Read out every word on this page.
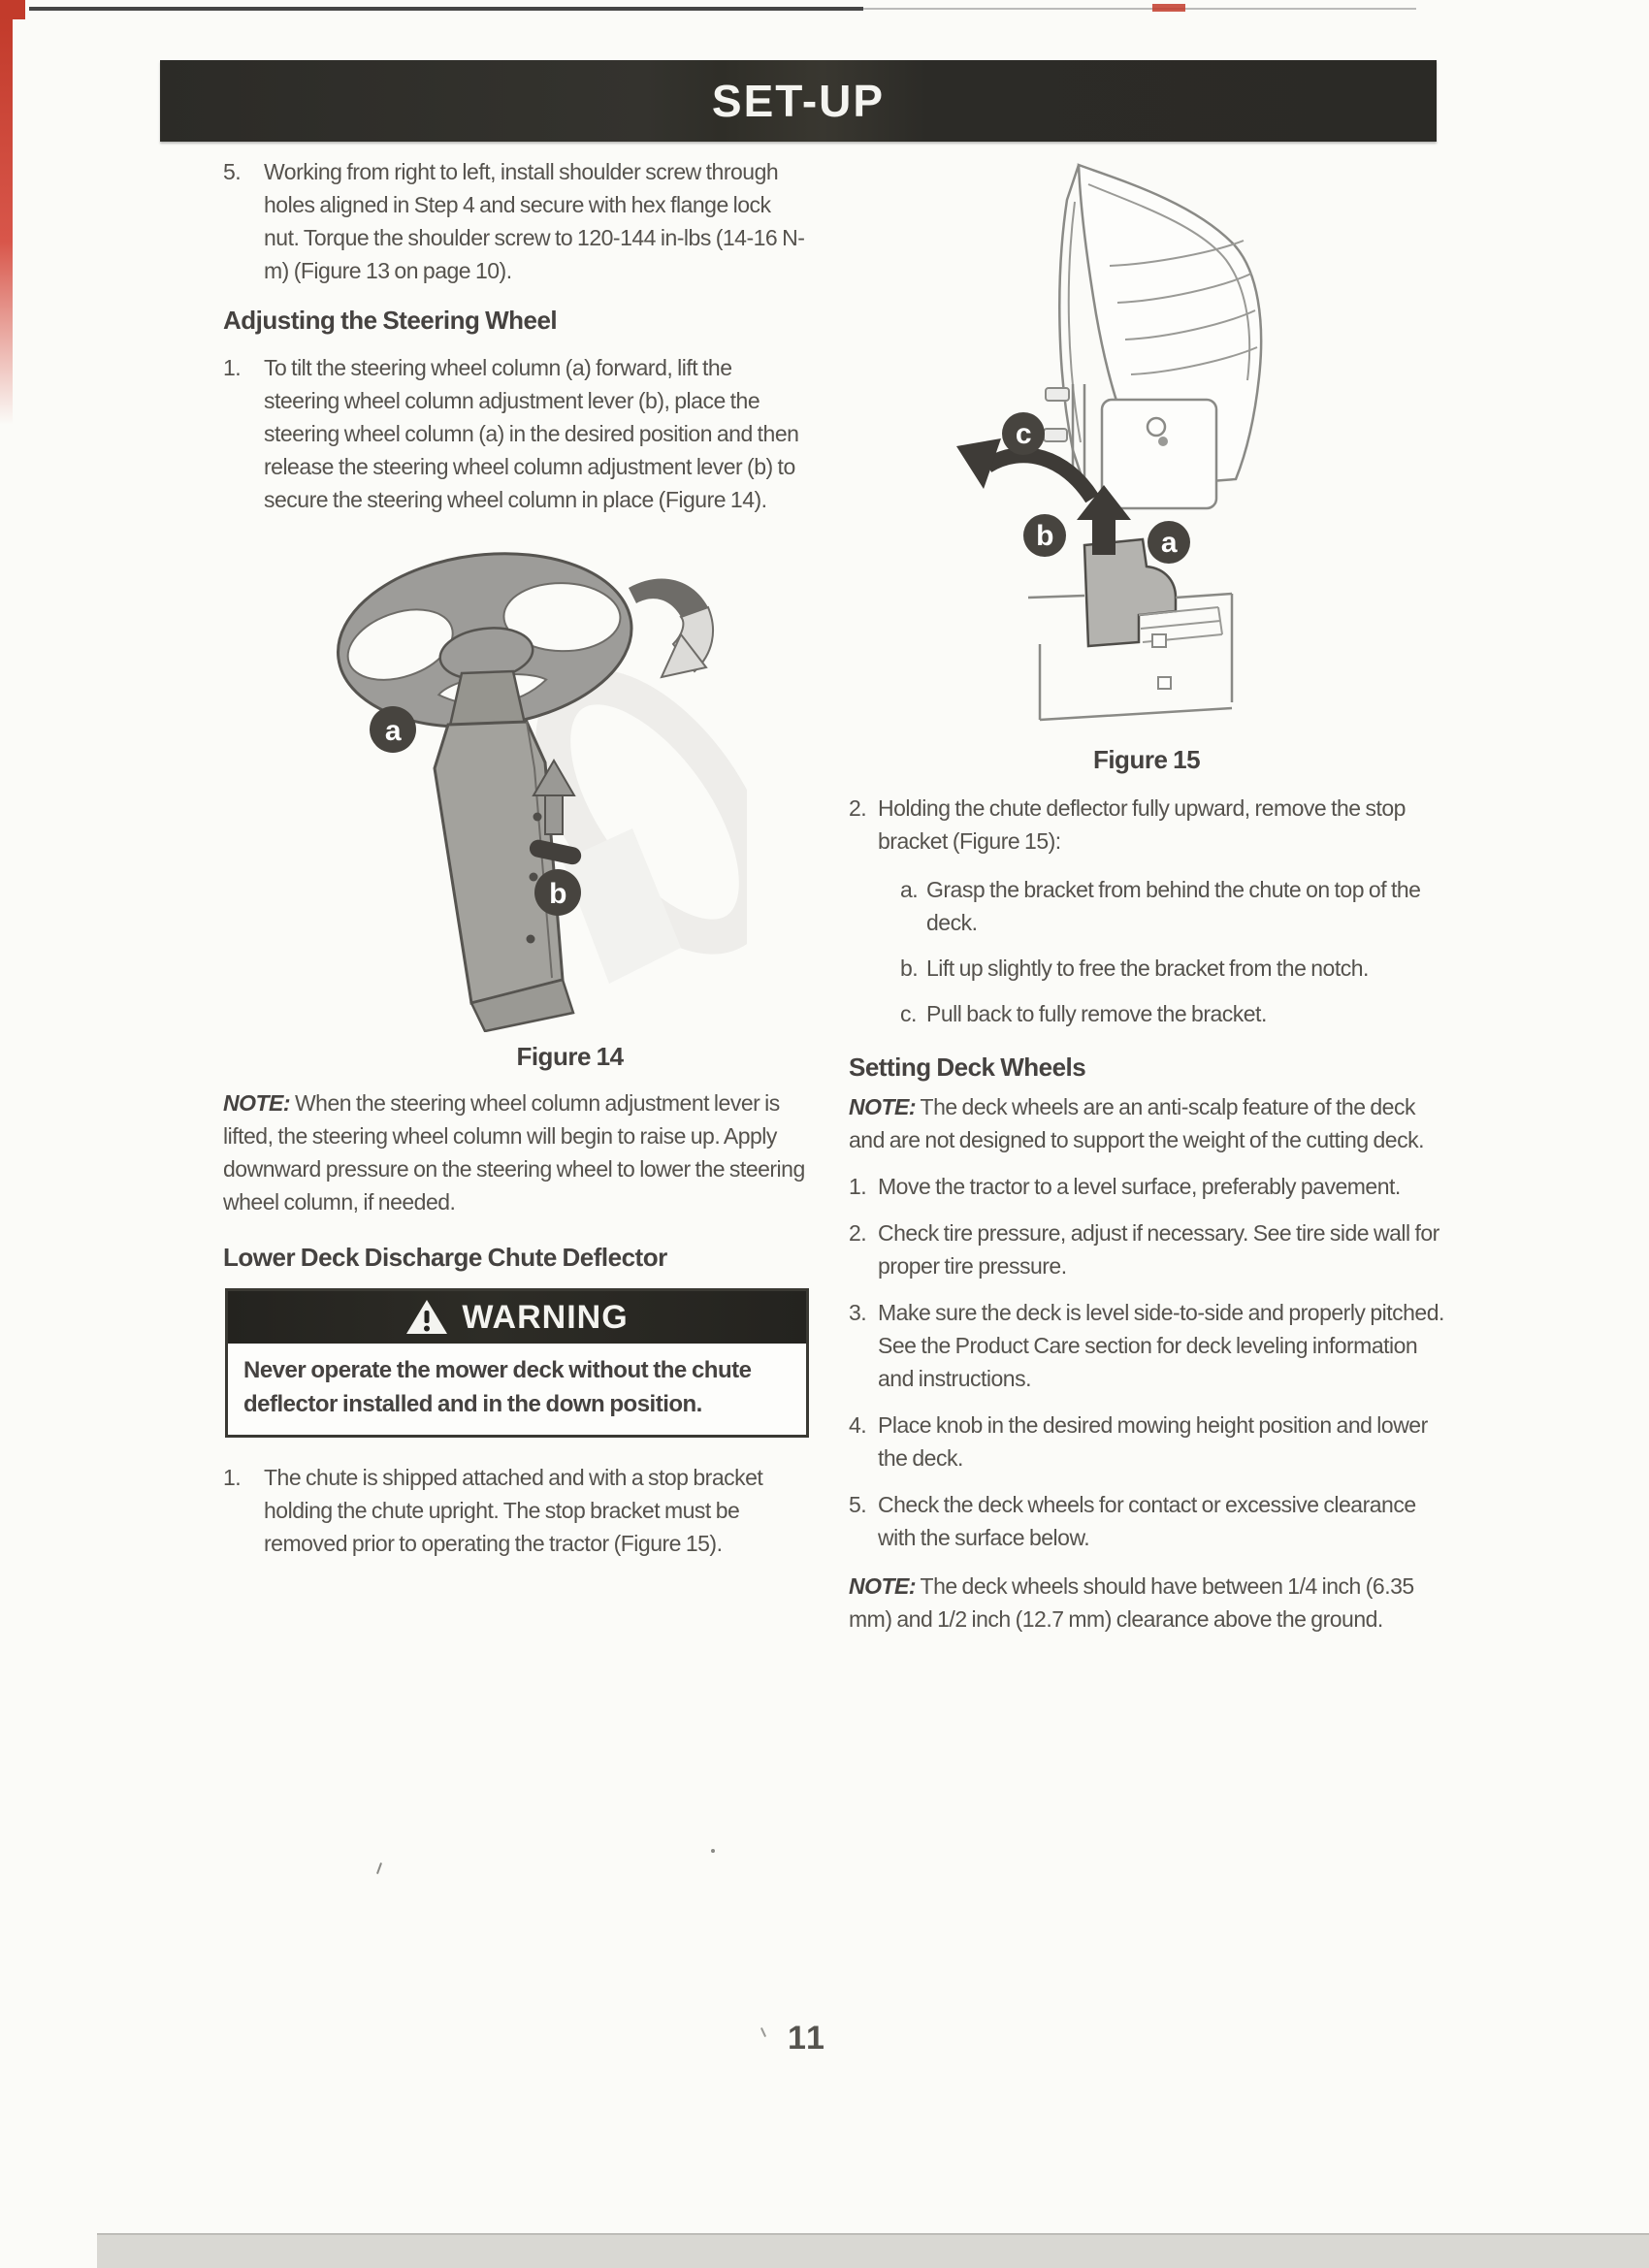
SET-UP
5.	Working from right to left, install shoulder screw through holes aligned in Step 4 and secure with hex flange lock nut. Torque the shoulder screw to 120-144 in-lbs (14-16 N-m) (Figure 13 on page 10).
Adjusting the Steering Wheel
1.	To tilt the steering wheel column (a) forward, lift the steering wheel column adjustment lever (b), place the steering wheel column (a) in the desired position and then release the steering wheel column adjustment lever (b) to secure the steering wheel column in place (Figure 14).
a
b
Figure 14

NOTE: When the steering wheel column adjustment lever is lifted, the steering wheel column will begin to raise up. Apply downward pressure on the steering wheel to lower the steering wheel column, if needed.

Lower Deck Discharge Chute Deflector
WARNING
Never operate the mower deck without the chute deflector installed and in the down position.
1.	The chute is shipped attached and with a stop bracket holding the chute upright. The stop bracket must be removed prior to operating the tractor (Figure 15).
c
b	a
Figure 15
2. Holding the chute deflector fully upward, remove the stop bracket (Figure 15):
a. Grasp the bracket from behind the chute on top of the deck.
b. Lift up slightly to free the bracket from the notch.
c. Pull back to fully remove the bracket.
Setting Deck Wheels

NOTE: The deck wheels are an anti-scalp feature of the deck and are not designed to support the weight of the cutting deck.

1. Move the tractor to a level surface, preferably pavement.
2. Check tire pressure, adjust if necessary. See tire side wall for proper tire pressure.
3. Make sure the deck is level side-to-side and properly pitched. See the Product Care section for deck leveling information and instructions.
4. Place knob in the desired mowing height position and lower the deck.
5. Check the deck wheels for contact or excessive clearance with the surface below.

NOTE: The deck wheels should have between 1/4 inch (6.35 mm) and 1/2 inch (12.7 mm) clearance above the ground.

11
